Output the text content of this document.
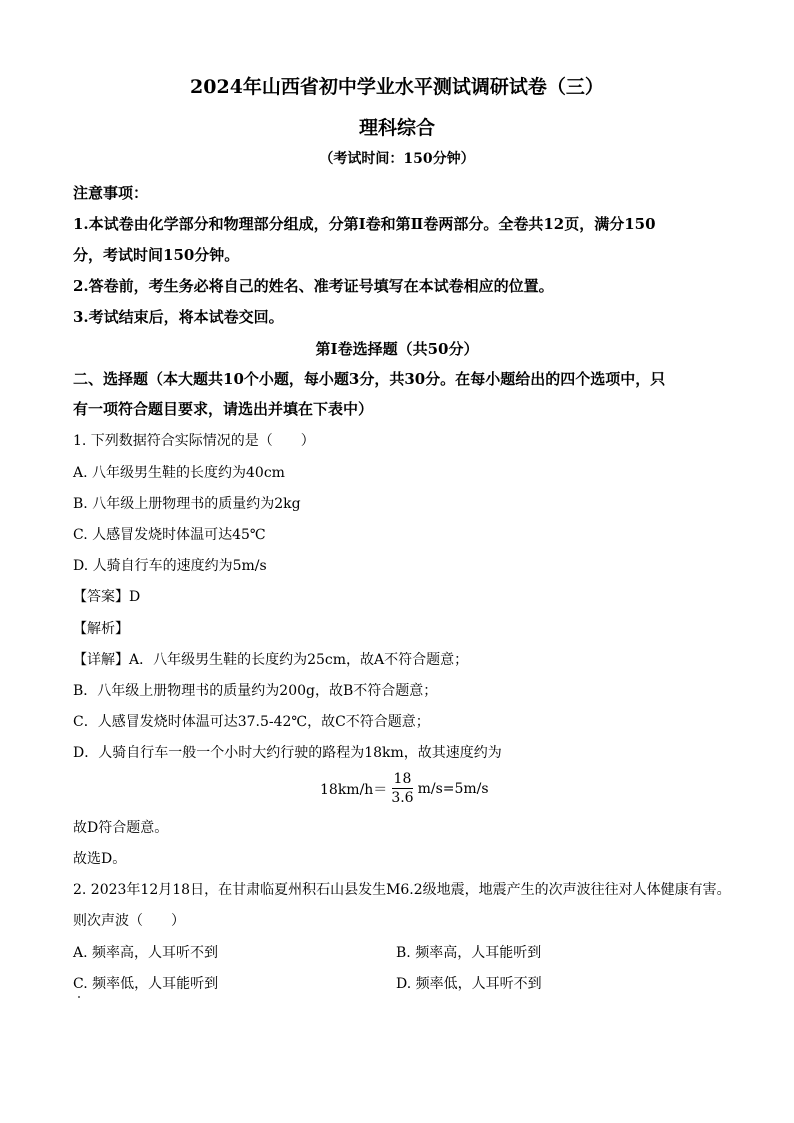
2024年山西省初中学业水平测试调研试卷（三）
理科综合
（考试时间：150分钟）
注意事项：
1.本试卷由化学部分和物理部分组成，分第Ⅰ卷和第Ⅱ卷两部分。全卷共12页，满分150
分，考试时间150分钟。
2.答卷前，考生务必将自己的姓名、准考证号填写在本试卷相应的位置。
3.考试结束后，将本试卷交回。
第Ⅰ卷选择题（共50分）
二、选择题（本大题共10个小题，每小题3分，共30分。在每小题给出的四个选项中，只
有一项符合题目要求，请选出并填在下表中）
1. 下列数据符合实际情况的是（　　）
A. 八年级男生鞋的长度约为40cm
B. 八年级上册物理书的质量约为2kg
C. 人感冒发烧时体温可达45℃
D. 人骑自行车的速度约为5m/s
【答案】D
【解析】
【详解】A．八年级男生鞋的长度约为25cm，故A不符合题意；
B．八年级上册物理书的质量约为200g，故B不符合题意；
C．人感冒发烧时体温可达37.5-42℃，故C不符合题意；
D．人骑自行车一般一个小时大约行驶的路程为18km，故其速度约为
$18km/h= \frac{18}{3.6} m/s=5m/s$
故D符合题意。
故选D。
2. 2023年12月18日，在甘肃临夏州积石山县发生M6.2级地震，地震产生的次声波往往对人体健康有害。
则次声波（　　）
A. 频率高，人耳听不到	B. 频率高，人耳能听到
C. 频率低，人耳能听到	D. 频率低，人耳听不到
